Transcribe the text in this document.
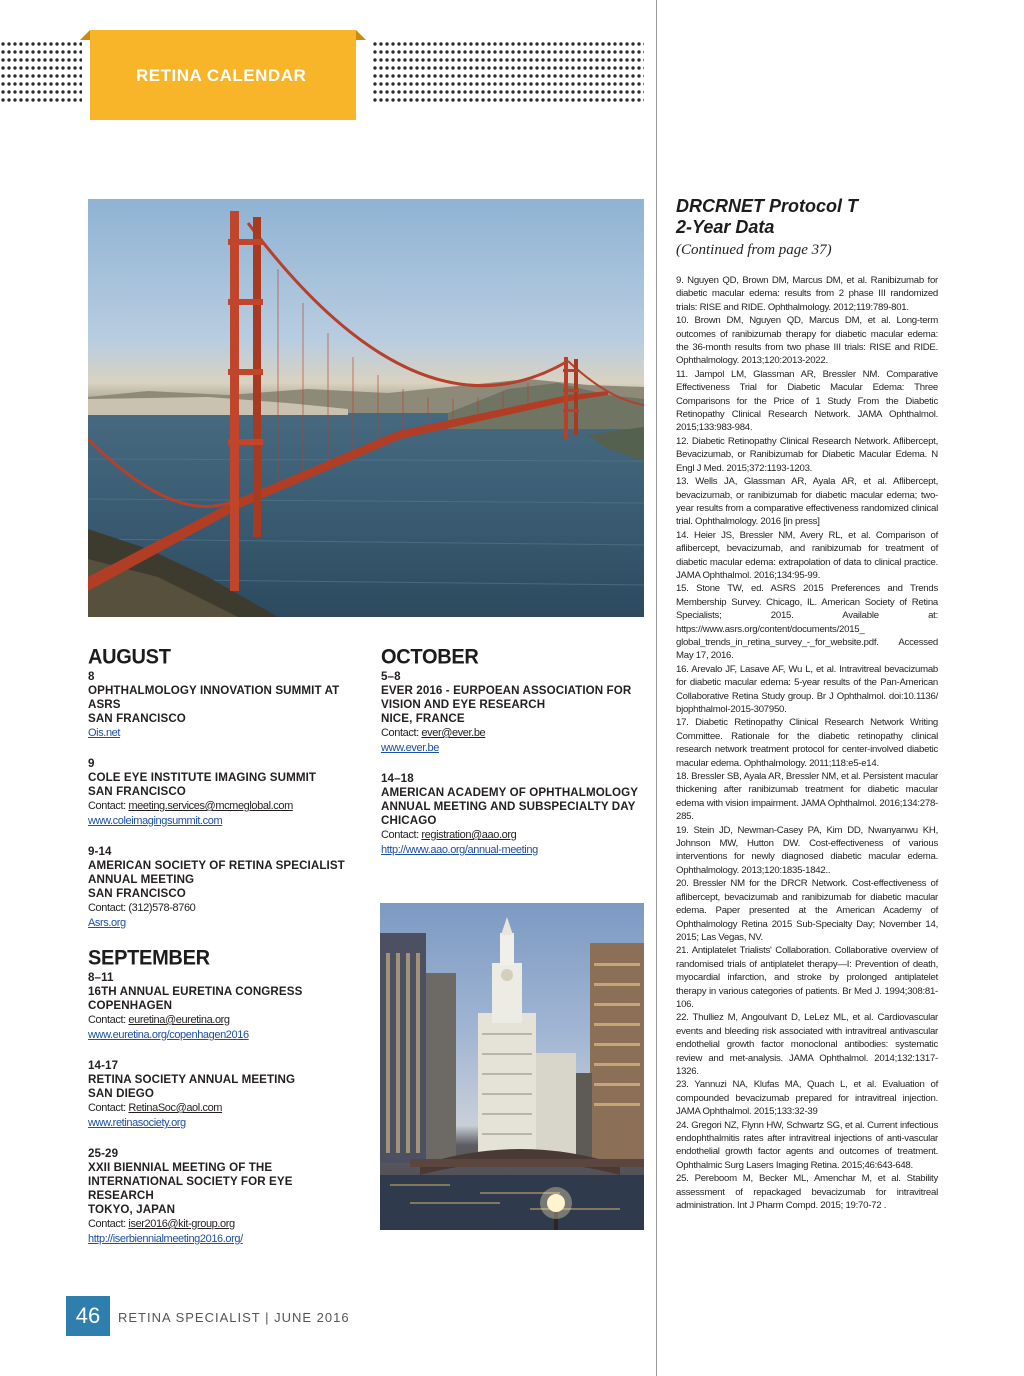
RETINA CALENDAR
AUGUST
8
OPHTHALMOLOGY INNOVATION SUMMIT AT ASRS
SAN FRANCISCO
Ois.net
9
COLE EYE INSTITUTE IMAGING SUMMIT
SAN FRANCISCO
Contact: meeting.services@mcmeglobal.com
www.coleimagingsummit.com
9-14
AMERICAN SOCIETY OF RETINA SPECIALIST ANNUAL MEETING
SAN FRANCISCO
Contact: (312)578-8760
Asrs.org
SEPTEMBER
8–11
16TH ANNUAL EURETINA CONGRESS
COPENHAGEN
Contact: euretina@euretina.org
www.euretina.org/copenhagen2016
14-17
RETINA SOCIETY ANNUAL MEETING
SAN DIEGO
Contact: RetinaSoc@aol.com
www.retinasociety.org
25-29
XXII BIENNIAL MEETING OF THE INTERNATIONAL SOCIETY FOR EYE RESEARCH
TOKYO, JAPAN
Contact: iser2016@kit-group.org
http://iserbiennialmeeting2016.org/
OCTOBER
5–8
EVER 2016 - EURPOEAN ASSOCIATION FOR VISION AND EYE RESEARCH
NICE, FRANCE
Contact: ever@ever.be
www.ever.be
14–18
AMERICAN ACADEMY OF OPHTHALMOLOGY ANNUAL MEETING AND SUBSPECIALTY DAY
CHICAGO
Contact: registration@aao.org
http://www.aao.org/annual-meeting
DRCRNET Protocol T
2-Year Data
(Continued from page 37)

9. Nguyen QD, Brown DM, Marcus DM, et al. Ranibizumab for diabetic macular edema: results from 2 phase III randomized trials: RISE and RIDE. Ophthalmology. 2012;119:789-801.

10. Brown DM, Nguyen QD, Marcus DM, et al. Long-term outcomes of ranibizumab therapy for diabetic macular edema: the 36-month results from two phase III trials: RISE and RIDE. Ophthalmology. 2013;120:2013-2022.

11. Jampol LM, Glassman AR, Bressler NM. Comparative Effectiveness Trial for Diabetic Macular Edema: Three Comparisons for the Price of 1 Study From the Diabetic Retinopathy Clinical Research Network. JAMA Ophthalmol. 2015;133:983-984.

12. Diabetic Retinopathy Clinical Research Network. Aflibercept, Bevacizumab, or Ranibizumab for Diabetic Macular Edema. N Engl J Med. 2015;372:1193-1203.

13. Wells JA, Glassman AR, Ayala AR, et al. Aflibercept, bevacizumab, or ranibizumab for diabetic macular edema; two-year results from a comparative effectiveness randomized clinical trial. Ophthalmology. 2016 [in press]

14. Heier JS, Bressler NM, Avery RL, et al. Comparison of aflibercept, bevacizumab, and ranibizumab for treatment of diabetic macular edema: extrapolation of data to clinical practice. JAMA Ophthalmol. 2016;134:95-99.

15. Stone TW, ed. ASRS 2015 Preferences and Trends Membership Survey. Chicago, IL. American Society of Retina Specialists; 2015. Available at: https://www.asrs.org/content/documents/2015_ global_trends_in_retina_survey_-_for_website.pdf. Accessed May 17, 2016.

16. Arevalo JF, Lasave AF, Wu L, et al. Intravitreal bevacizumab for diabetic macular edema: 5-year results of the Pan-American Collaborative Retina Study group. Br J Ophthalmol. doi:10.1136/ bjophthalmol-2015-307950.

17. Diabetic Retinopathy Clinical Research Network Writing Committee. Rationale for the diabetic retinopathy clinical research network treatment protocol for center-involved diabetic macular edema. Ophthalmology. 2011;118:e5-e14.

18. Bressler SB, Ayala AR, Bressler NM, et al. Persistent macular thickening after ranibizumab treatment for diabetic macular edema with vision impairment. JAMA Ophthalmol. 2016;134:278-285.

19. Stein JD, Newman-Casey PA, Kim DD, Nwanyanwu KH, Johnson MW, Hutton DW. Cost-effectiveness of various interventions for newly diagnosed diabetic macular edema. Ophthalmology. 2013;120:1835-1842..

20. Bressler NM for the DRCR Network. Cost-effectiveness of aflibercept, bevacizumab and ranibizumab for diabetic macular edema. Paper presented at the American Academy of Ophthalmology Retina 2015 Sub-Specialty Day; November 14, 2015; Las Vegas, NV.

21. Antiplatelet Trialists' Collaboration. Collaborative overview of randomised trials of antiplatelet therapy—I: Prevention of death, myocardial infarction, and stroke by prolonged antiplatelet therapy in various categories of patients. Br Med J. 1994;308:81-106.

22. Thulliez M, Angoulvant D, LeLez ML, et al. Cardiovascular events and bleeding risk associated with intravitreal antivascular endothelial growth factor monoclonal antibodies: systematic review and met-analysis. JAMA Ophthalmol. 2014;132:1317-1326.

23. Yannuzi NA, Klufas MA, Quach L, et al. Evaluation of compounded bevacizumab prepared for intravitreal injection. JAMA Ophthalmol. 2015;133:32-39

24. Gregori NZ, Flynn HW, Schwartz SG, et al. Current infectious endophthalmitis rates after intravitreal injections of anti-vascular endothelial growth factor agents and outcomes of treatment. Ophthalmic Surg Lasers Imaging Retina. 2015;46:643-648.

25. Pereboom M, Becker ML, Amenchar M, et al. Stability assessment of repackaged bevacizumab for intravitreal administration. Int J Pharm Compd. 2015; 19:70-72 .

46	RETINA SPECIALIST | JUNE 2016
